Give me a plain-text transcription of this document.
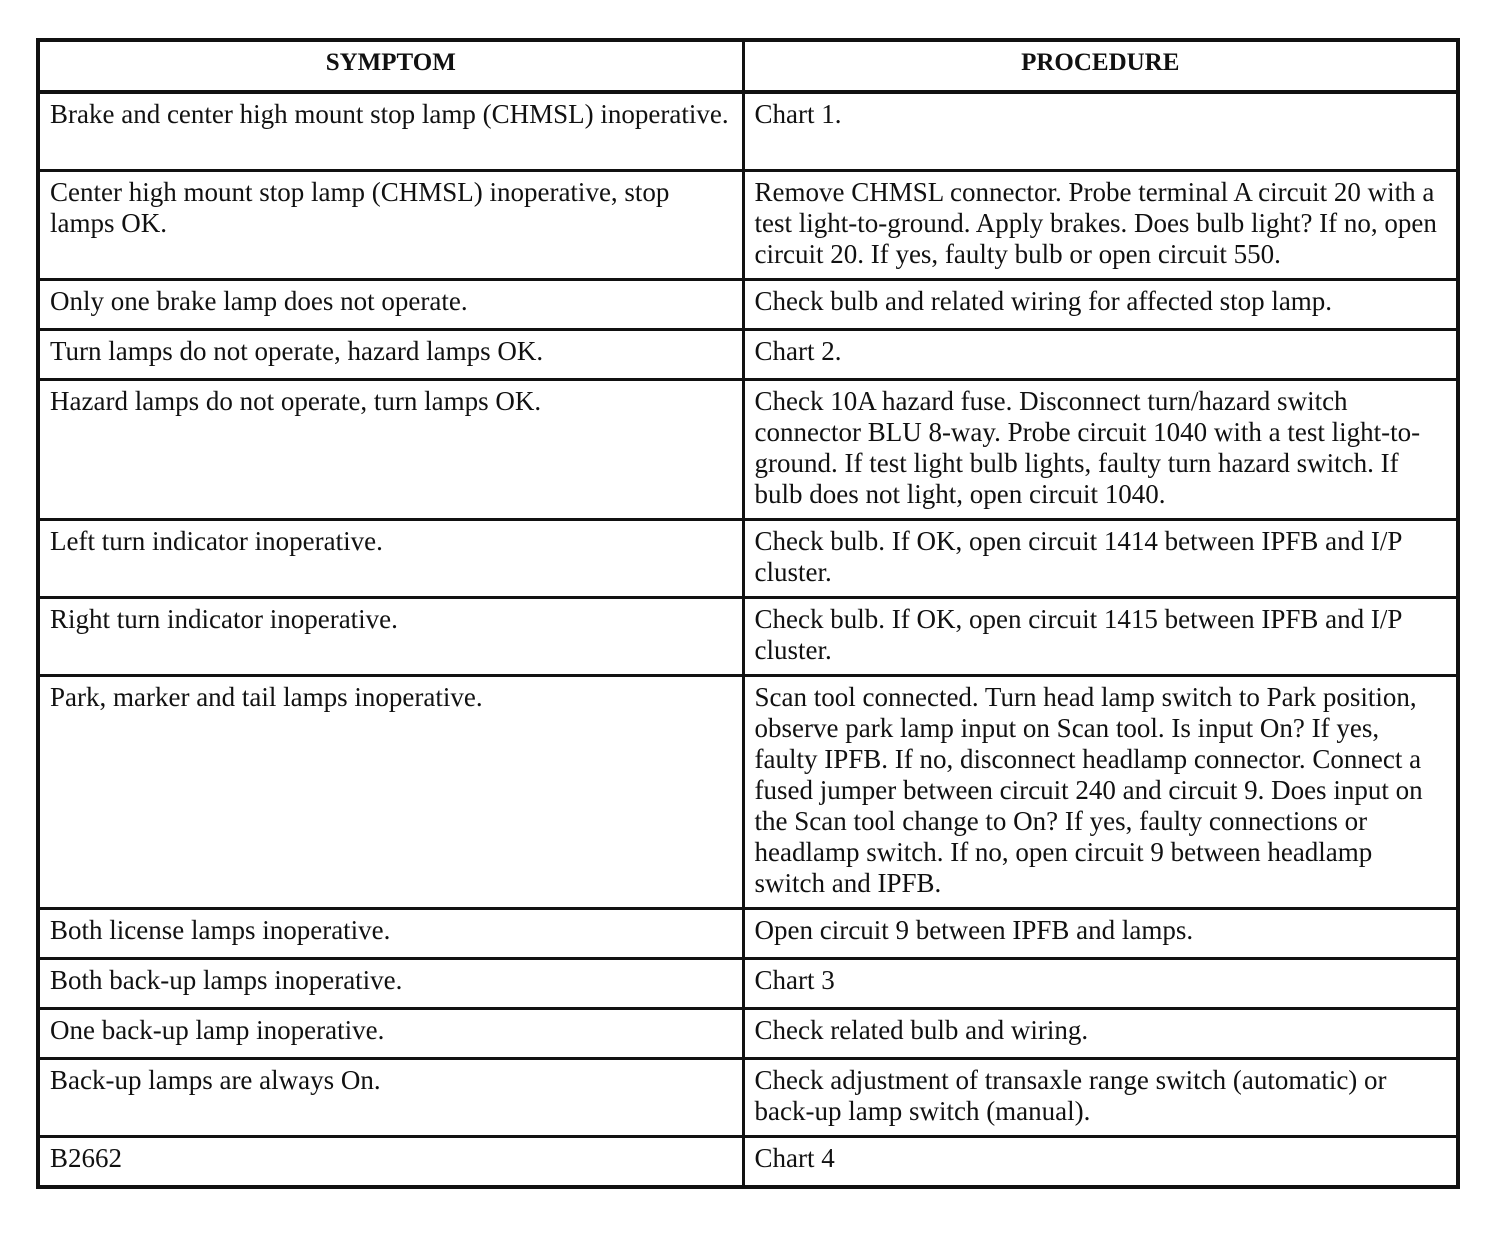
SYMPTOM	PROCEDURE
Brake and center high mount stop lamp (CHMSL) inoperative.	Chart 1.
Center high mount stop lamp (CHMSL) inoperative, stop lamps OK.	Remove CHMSL connector. Probe terminal A circuit 20 with a test light-to-ground. Apply brakes. Does bulb light? If no, open circuit 20. If yes, faulty bulb or open circuit 550.
Only one brake lamp does not operate.	Check bulb and related wiring for affected stop lamp.
Turn lamps do not operate, hazard lamps OK.	Chart 2.
Hazard lamps do not operate, turn lamps OK.	Check 10A hazard fuse. Disconnect turn/hazard switch connector BLU 8-way. Probe circuit 1040 with a test light-to-ground. If test light bulb lights, faulty turn hazard switch. If bulb does not light, open circuit 1040.
Left turn indicator inoperative.	Check bulb. If OK, open circuit 1414 between IPFB and I/P cluster.
Right turn indicator inoperative.	Check bulb. If OK, open circuit 1415 between IPFB and I/P cluster.
Park, marker and tail lamps inoperative.	Scan tool connected. Turn head lamp switch to Park position, observe park lamp input on Scan tool. Is input On? If yes, faulty IPFB. If no, disconnect headlamp connector. Connect a fused jumper between circuit 240 and circuit 9. Does input on the Scan tool change to On? If yes, faulty connections or headlamp switch. If no, open circuit 9 between headlamp switch and IPFB.
Both license lamps inoperative.	Open circuit 9 between IPFB and lamps.
Both back-up lamps inoperative.	Chart 3
One back-up lamp inoperative.	Check related bulb and wiring.
Back-up lamps are always On.	Check adjustment of transaxle range switch (automatic) or back-up lamp switch (manual).
B2662	Chart 4
